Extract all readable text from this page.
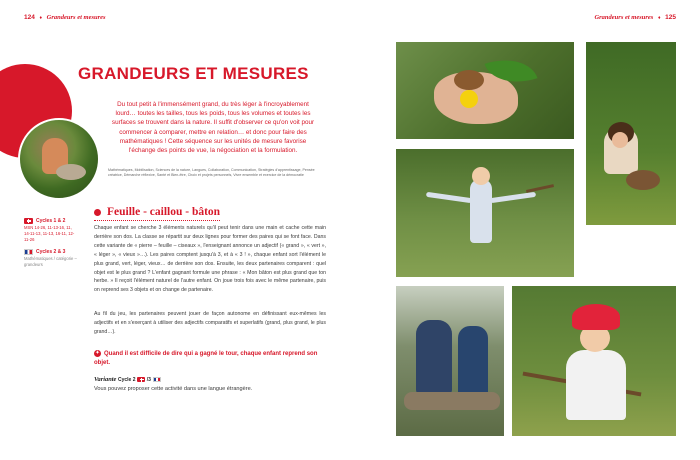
124 ♦ Grandeurs et mesures
GRANDEURS ET MESURES

Du tout petit à l'immensément grand, du très léger à l'incroyablement lourd… toutes les tailles, tous les poids, tous les volumes et toutes les surfaces se trouvent dans la nature. Il suffit d'observer ce qu'on voit pour commencer à comparer, mettre en relation… et donc pour faire des mathématiques ! Cette séquence sur les unités de mesure favorise l'échange des points de vue, la négociation et la formulation.

Mathématiques, Mobilisation, Sciences de la nature, Langues, Collaboration, Communication, Stratégies d'apprentissage, Pensée créatrice, Démarche réflexive, Santé et Bien-être, Choix et projets personnels, Vivre ensemble et exercice de la démocratie

Cycles 1 & 2
MSN 14-26, 11-13-16, 11, 14-11-13, 11-13, 16-11, 12-11-26
Cycles 2 & 3
Mathématiques / catégorie – grandeurs
Feuille - caillou - bâton

Chaque enfant se cherche 3 éléments naturels qu'il peut tenir dans une main et cache cette main derrière son dos. La classe se répartit sur deux lignes pour former des paires qui se font face. Dans cette variante de « pierre – feuille – ciseaux », l'enseignant annonce un adjectif (« grand », « vert », « léger », « vieux »…). Les paires comptent jusqu'à 3, et à « 3 ! », chaque enfant sort l'élément le plus grand, vert, léger, vieux… de derrière son dos. Ensuite, les deux partenaires comparent : quel objet est le plus grand ? L'enfant gagnant formule une phrase : « Mon bâton est plus grand que ton herbe. » Il reçoit l'élément naturel de l'autre enfant. On joue trois fois avec le même partenaire, puis on reprend ses 3 objets et on change de partenaire.

Au fil du jeu, les partenaires peuvent jouer de façon autonome en définissant eux-mêmes les adjectifs et en s'exerçant à utiliser des adjectifs comparatifs et superlatifs (grand, plus grand, le plus grand…).

✦ Quand il est difficile de dire qui a gagné le tour, chaque enfant reprend son objet.

Variante Cycle 2 /3
Vous pouvez proposer cette activité dans une langue étrangère.
Grandeurs et mesures ♦ 125
